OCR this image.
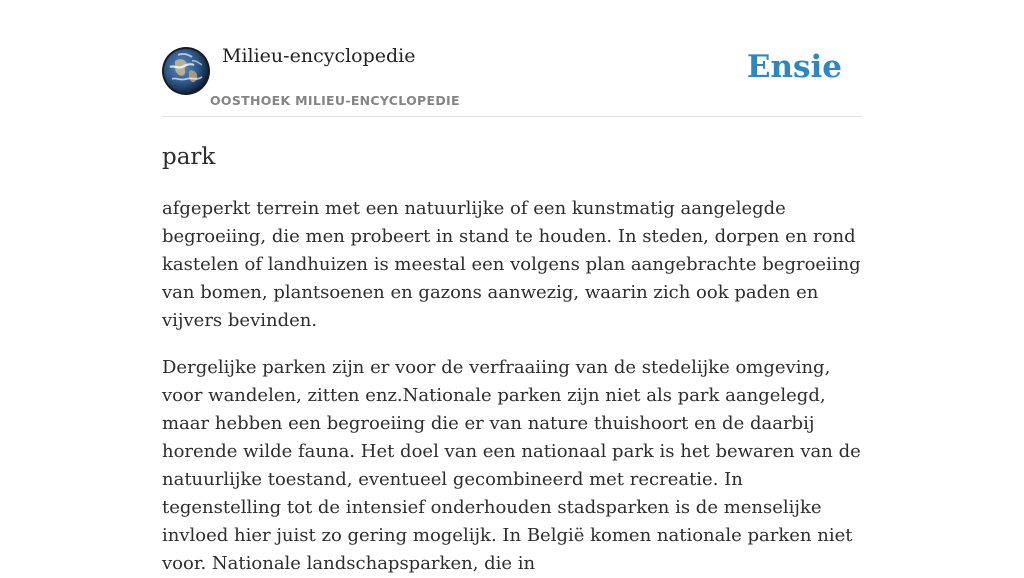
Milieu-encyclopedie
OOSTHOEK MILIEU-ENCYCLOPEDIE
Ensie
park

afgeperkt terrein met een natuurlijke of een kunstmatig aangelegde begroeiing, die men probeert in stand te houden. In steden, dorpen en rond kastelen of landhuizen is meestal een volgens plan aangebrachte begroeiing van bomen, plantsoenen en gazons aanwezig, waarin zich ook paden en vijvers bevinden.

Dergelijke parken zijn er voor de verfraaiing van de stedelijke omgeving, voor wandelen, zitten enz.Nationale parken zijn niet als park aangelegd, maar hebben een begroeiing die er van nature thuishoort en de daarbij horende wilde fauna. Het doel van een nationaal park is het bewaren van de natuurlijke toestand, eventueel gecombineerd met recreatie. In tegenstelling tot de intensief onderhouden stadsparken is de menselijke invloed hier juist zo gering mogelijk. In België komen nationale parken niet voor. Nationale landschapsparken, die in
